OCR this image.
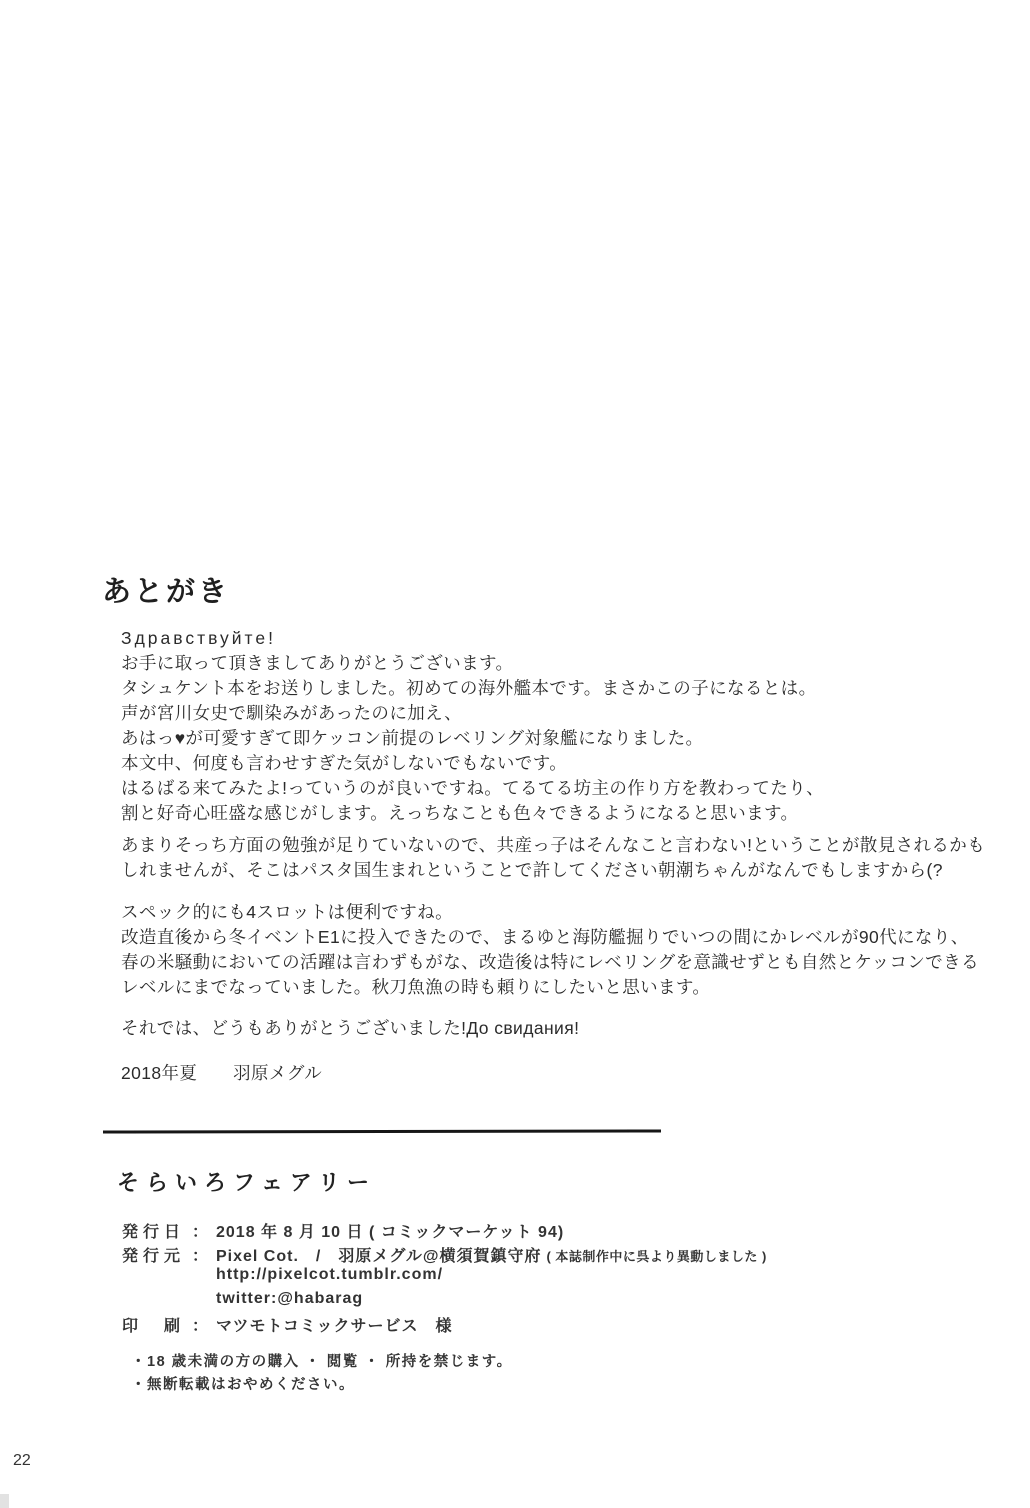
あとがき
Здравствуйте!
お手に取って頂きましてありがとうございます。
タシュケント本をお送りしました。初めての海外艦本です。まさかこの子になるとは。
声が宮川女史で馴染みがあったのに加え、
あはっ♥が可愛すぎて即ケッコン前提のレベリング対象艦になりました。
本文中、何度も言わせすぎた気がしないでもないです。
はるばる来てみたよ!っていうのが良いですね。てるてる坊主の作り方を教わってたり、
割と好奇心旺盛な感じがします。えっちなことも色々できるようになると思います。
あまりそっち方面の勉強が足りていないので、共産っ子はそんなこと言わない!ということが散見されるかも
しれませんが、そこはパスタ国生まれということで許してください朝潮ちゃんがなんでもしますから(?
スペック的にも4スロットは便利ですね。
改造直後から冬イベントE1に投入できたので、まるゆと海防艦掘りでいつの間にかレベルが90代になり、
春の米騒動においての活躍は言わずもがな、改造後は特にレベリングを意識せずとも自然とケッコンできる
レベルにまでなっていました。秋刀魚漁の時も頼りにしたいと思います。
それでは、どうもありがとうございました!До свидания!
2018年夏　　羽原メグル
そらいろフェアリー
発行日 ： 2018 年 8 月 10 日 ( コミックマーケット 94)
発行元 ： Pixel Cot.　/　羽原メグル@横須賀鎮守府 ( 本誌制作中に呉より異動しました )
http://pixelcot.tumblr.com/
twitter:@habarag
印　刷 ： マツモトコミックサービス　様
・18 歳未満の方の購入 ・ 閲覧 ・ 所持を禁じます。
・無断転載はおやめください。
22
